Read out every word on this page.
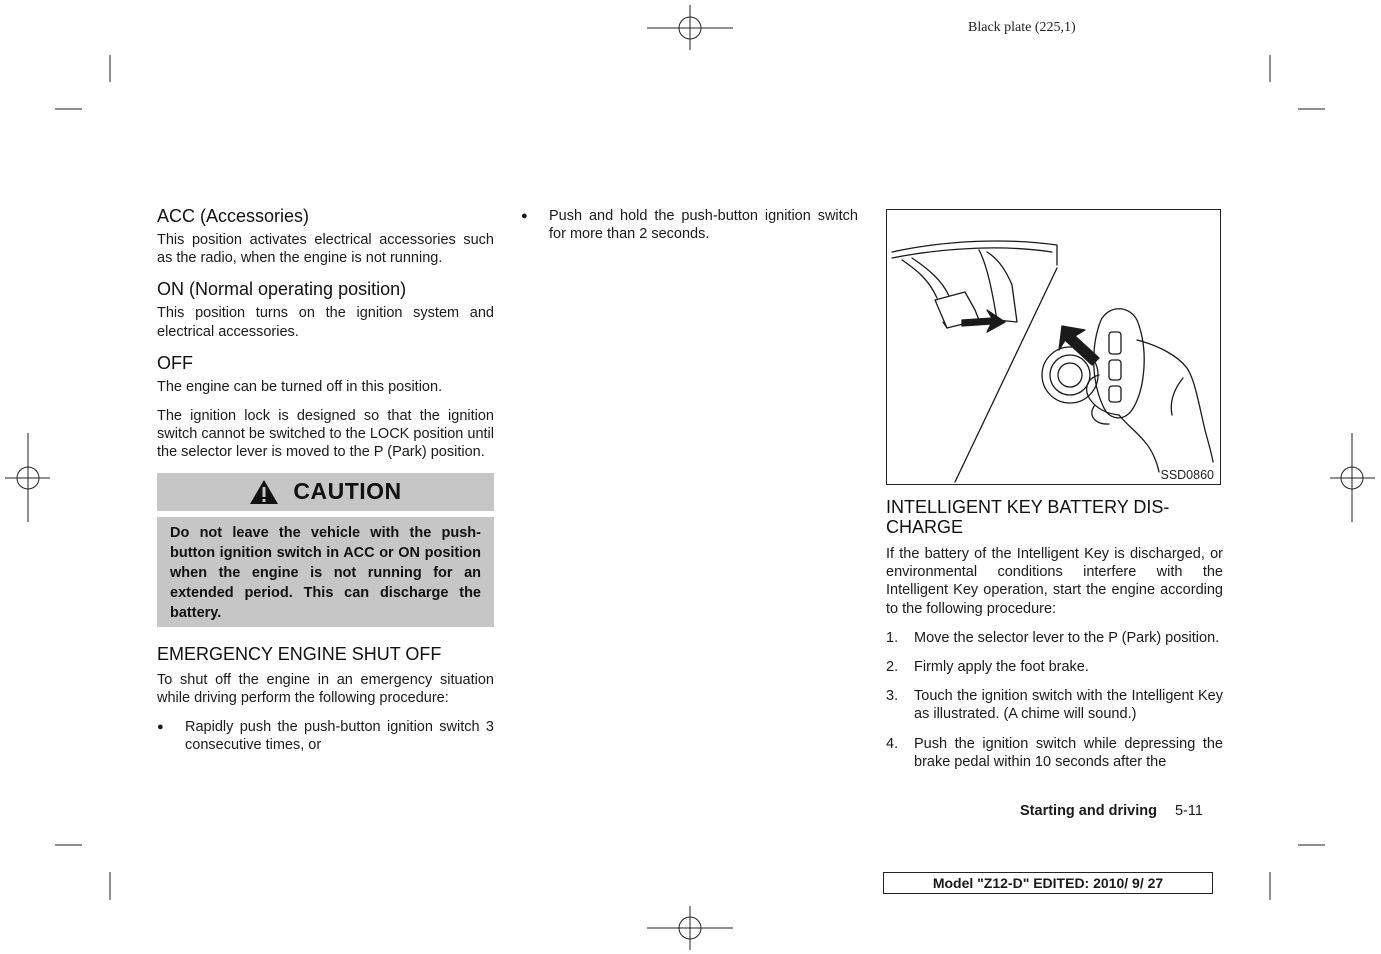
Black plate (225,1)
ACC (Accessories)

This position activates electrical accessories such as the radio, when the engine is not running.

ON (Normal operating position)

This position turns on the ignition system and electrical accessories.

OFF

The engine can be turned off in this position.

The ignition lock is designed so that the ignition switch cannot be switched to the LOCK position until the selector lever is moved to the P (Park) position.

CAUTION
Do not leave the vehicle with the push-button ignition switch in ACC or ON position when the engine is not running for an extended period. This can discharge the battery.
EMERGENCY ENGINE SHUT OFF

To shut off the engine in an emergency situation while driving perform the following procedure:

●	Rapidly push the push-button ignition switch 3 consecutive times, or
●	Push and hold the push-button ignition switch for more than 2 seconds.
SSD0860
INTELLIGENT KEY BATTERY DIS-CHARGE

If the battery of the Intelligent Key is discharged, or environmental conditions interfere with the Intelligent Key operation, start the engine according to the following procedure:

1.	Move the selector lever to the P (Park) position.
2.	Firmly apply the foot brake.
3.	Touch the ignition switch with the Intelligent Key as illustrated. (A chime will sound.)
4.	Push the ignition switch while depressing the brake pedal within 10 seconds after the
Starting and driving 5-11
Model "Z12-D" EDITED: 2010/ 9/ 27
